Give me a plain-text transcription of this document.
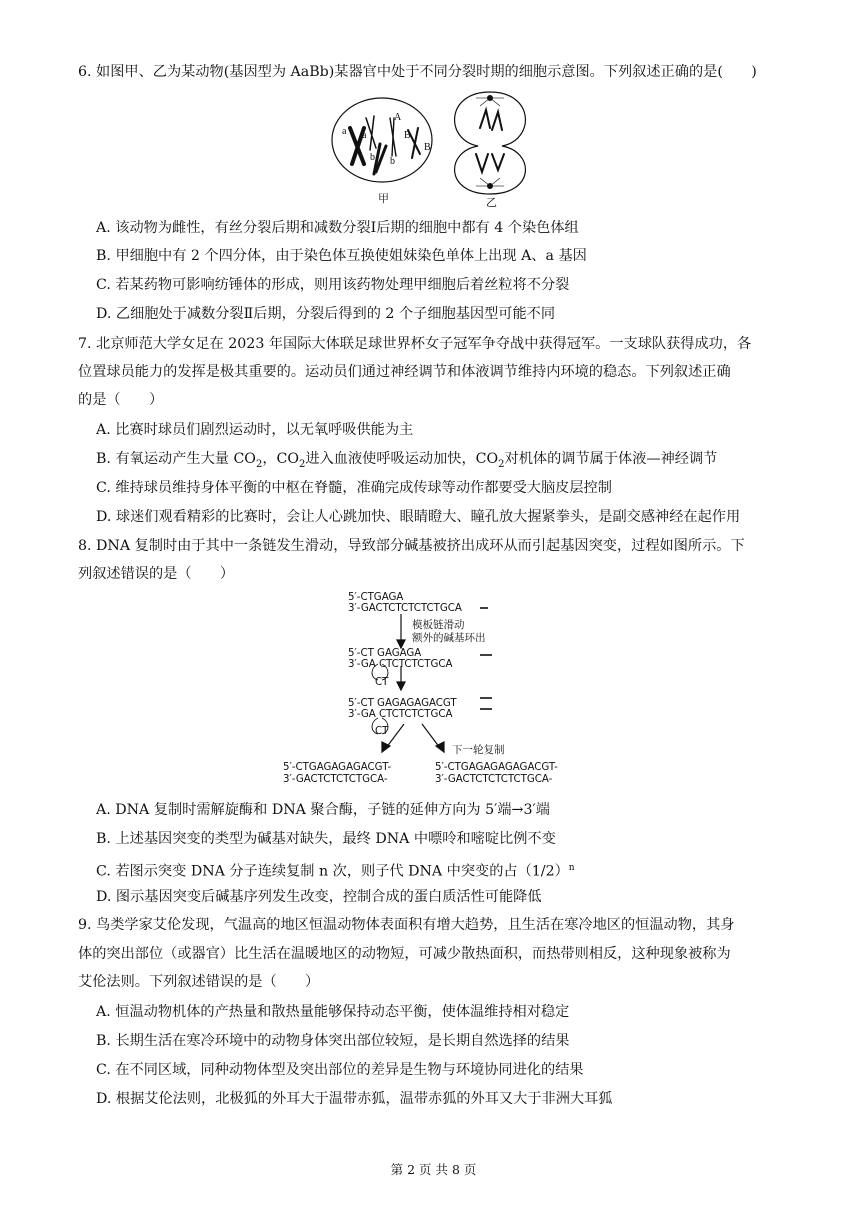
6. 如图甲、乙为某动物(基因型为 AaBb)某器官中处于不同分裂时期的细胞示意图。下列叙述正确的是(　　)
a a
A
B
B
b b
甲	乙
A. 该动物为雌性，有丝分裂后期和减数分裂Ⅰ后期的细胞中都有 4 个染色体组
B. 甲细胞中有 2 个四分体，由于染色体互换使姐妹染色单体上出现 A、a 基因
C. 若某药物可影响纺锤体的形成，则用该药物处理甲细胞后着丝粒将不分裂
D. 乙细胞处于减数分裂Ⅱ后期，分裂后得到的 2 个子细胞基因型可能不同
7. 北京师范大学女足在 2023 年国际大体联足球世界杯女子冠军争夺战中获得冠军。一支球队获得成功，各
位置球员能力的发挥是极其重要的。运动员们通过神经调节和体液调节维持内环境的稳态。下列叙述正确
的是（　　）
A. 比赛时球员们剧烈运动时，以无氧呼吸供能为主
B. 有氧运动产生大量 $CO_2$，$CO_2$进入血液使呼吸运动加快，$CO_2$对机体的调节属于体液—神经调节
C. 维持球员维持身体平衡的中枢在脊髓，准确完成传球等动作都要受大脑皮层控制
D. 球迷们观看精彩的比赛时，会让人心跳加快、眼睛瞪大、瞳孔放大握紧拳头，是副交感神经在起作用
8. DNA 复制时由于其中一条链发生滑动，导致部分碱基被挤出成环从而引起基因突变，过程如图所示。下
列叙述错误的是（　　）
5′-CTGAGA
3′-GACTCTCTCTCTGCA
模板链滑动
额外的碱基环出
5′-CT GAGAGA
3′-GA CTCTCTCTGCA
CT
5′-CT GAGAGAGACGT
3′-GA CTCTCTCTGCA
CT
下一轮复制
5′-CTGAGAGAGACGT-
3′-GACTCTCTCTGCA-
5′-CTGAGAGAGAGACGT-
3′-GACTCTCTCTCTGCA-
A. DNA 复制时需解旋酶和 DNA 聚合酶，子链的延伸方向为 5′端→3′端
B. 上述基因突变的类型为碱基对缺失，最终 DNA 中嘌呤和嘧啶比例不变
C. 若图示突变 DNA 分子连续复制 n 次，则子代 DNA 中突变的占$(1/2)^n$
D. 图示基因突变后碱基序列发生改变，控制合成的蛋白质活性可能降低
9. 鸟类学家艾伦发现，气温高的地区恒温动物体表面积有增大趋势，且生活在寒冷地区的恒温动物，其身
体的突出部位（或器官）比生活在温暖地区的动物短，可减少散热面积，而热带则相反，这种现象被称为
艾伦法则。下列叙述错误的是（　　）
A. 恒温动物机体的产热量和散热量能够保持动态平衡，使体温维持相对稳定
B. 长期生活在寒冷环境中的动物身体突出部位较短，是长期自然选择的结果
C. 在不同区域，同种动物体型及突出部位的差异是生物与环境协同进化的结果
D. 根据艾伦法则，北极狐的外耳大于温带赤狐，温带赤狐的外耳又大于非洲大耳狐
第 2 页 共 8 页
